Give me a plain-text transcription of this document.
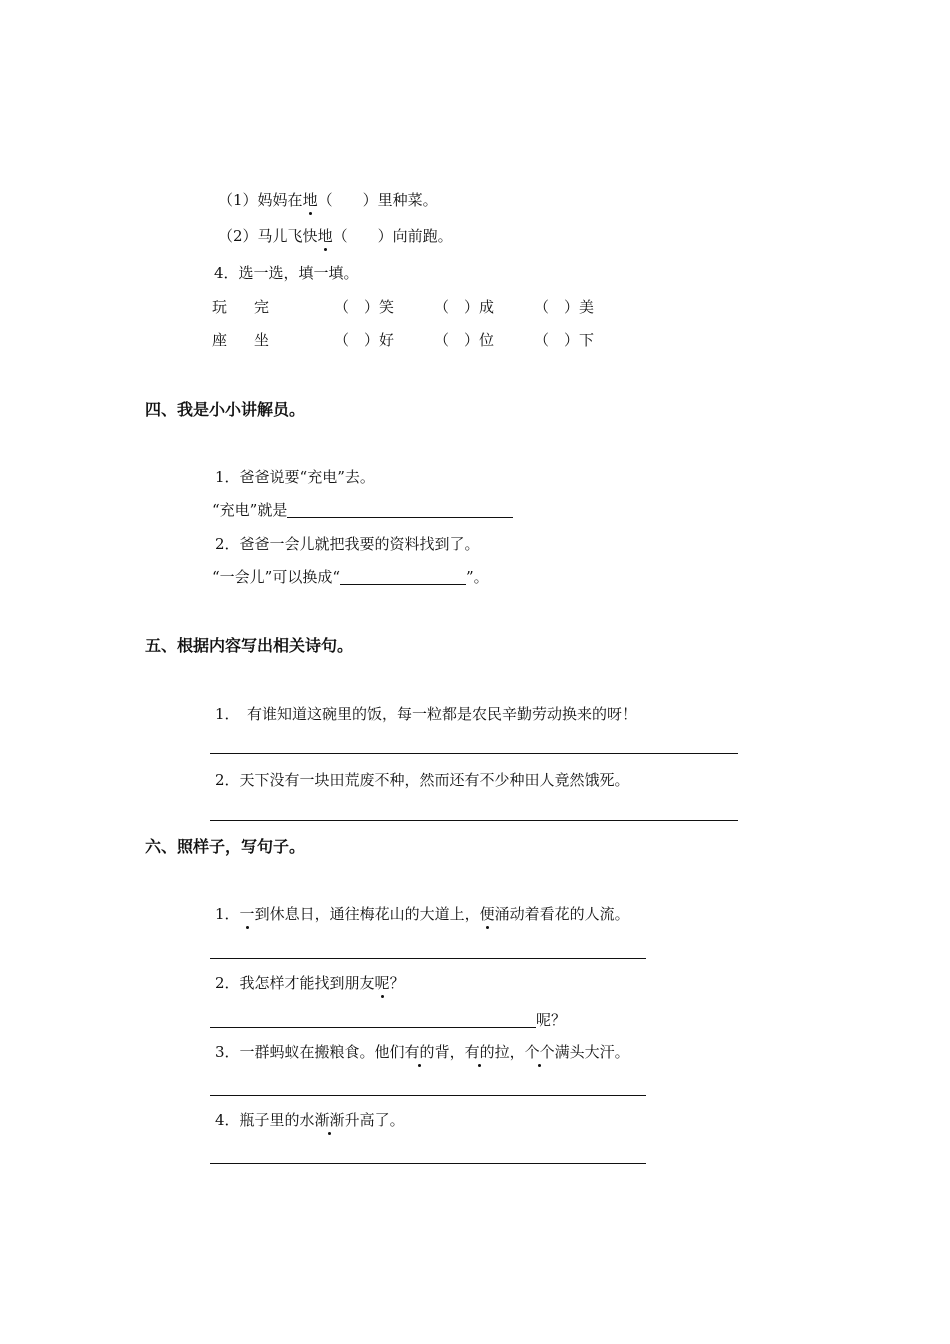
（1）妈妈在地（　　）里种菜。
（2）马儿飞快地（　　）向前跑。
4．选一选，填一填。
玩 完	（　）笑	（　）成	（　）美
座 坐	（　）好	（　）位	（　）下
四、我是小小讲解员。
1．爸爸说要“充电”去。
“充电”就是
2．爸爸一会儿就把我要的资料找到了。
“一会儿”可以换成“	”。
五、根据内容写出相关诗句。
1．　有谁知道这碗里的饭，每一粒都是农民辛勤劳动换来的呀！
2．天下没有一块田荒废不种，然而还有不少种田人竟然饿死。
六、照样子，写句子。
1．一到休息日，通往梅花山的大道上，便涌动着看花的人流。
2．我怎样才能找到朋友呢？
呢？
3．一群蚂蚁在搬粮食。他们有的背，有的拉，个个满头大汗。
4．瓶子里的水渐渐升高了。
